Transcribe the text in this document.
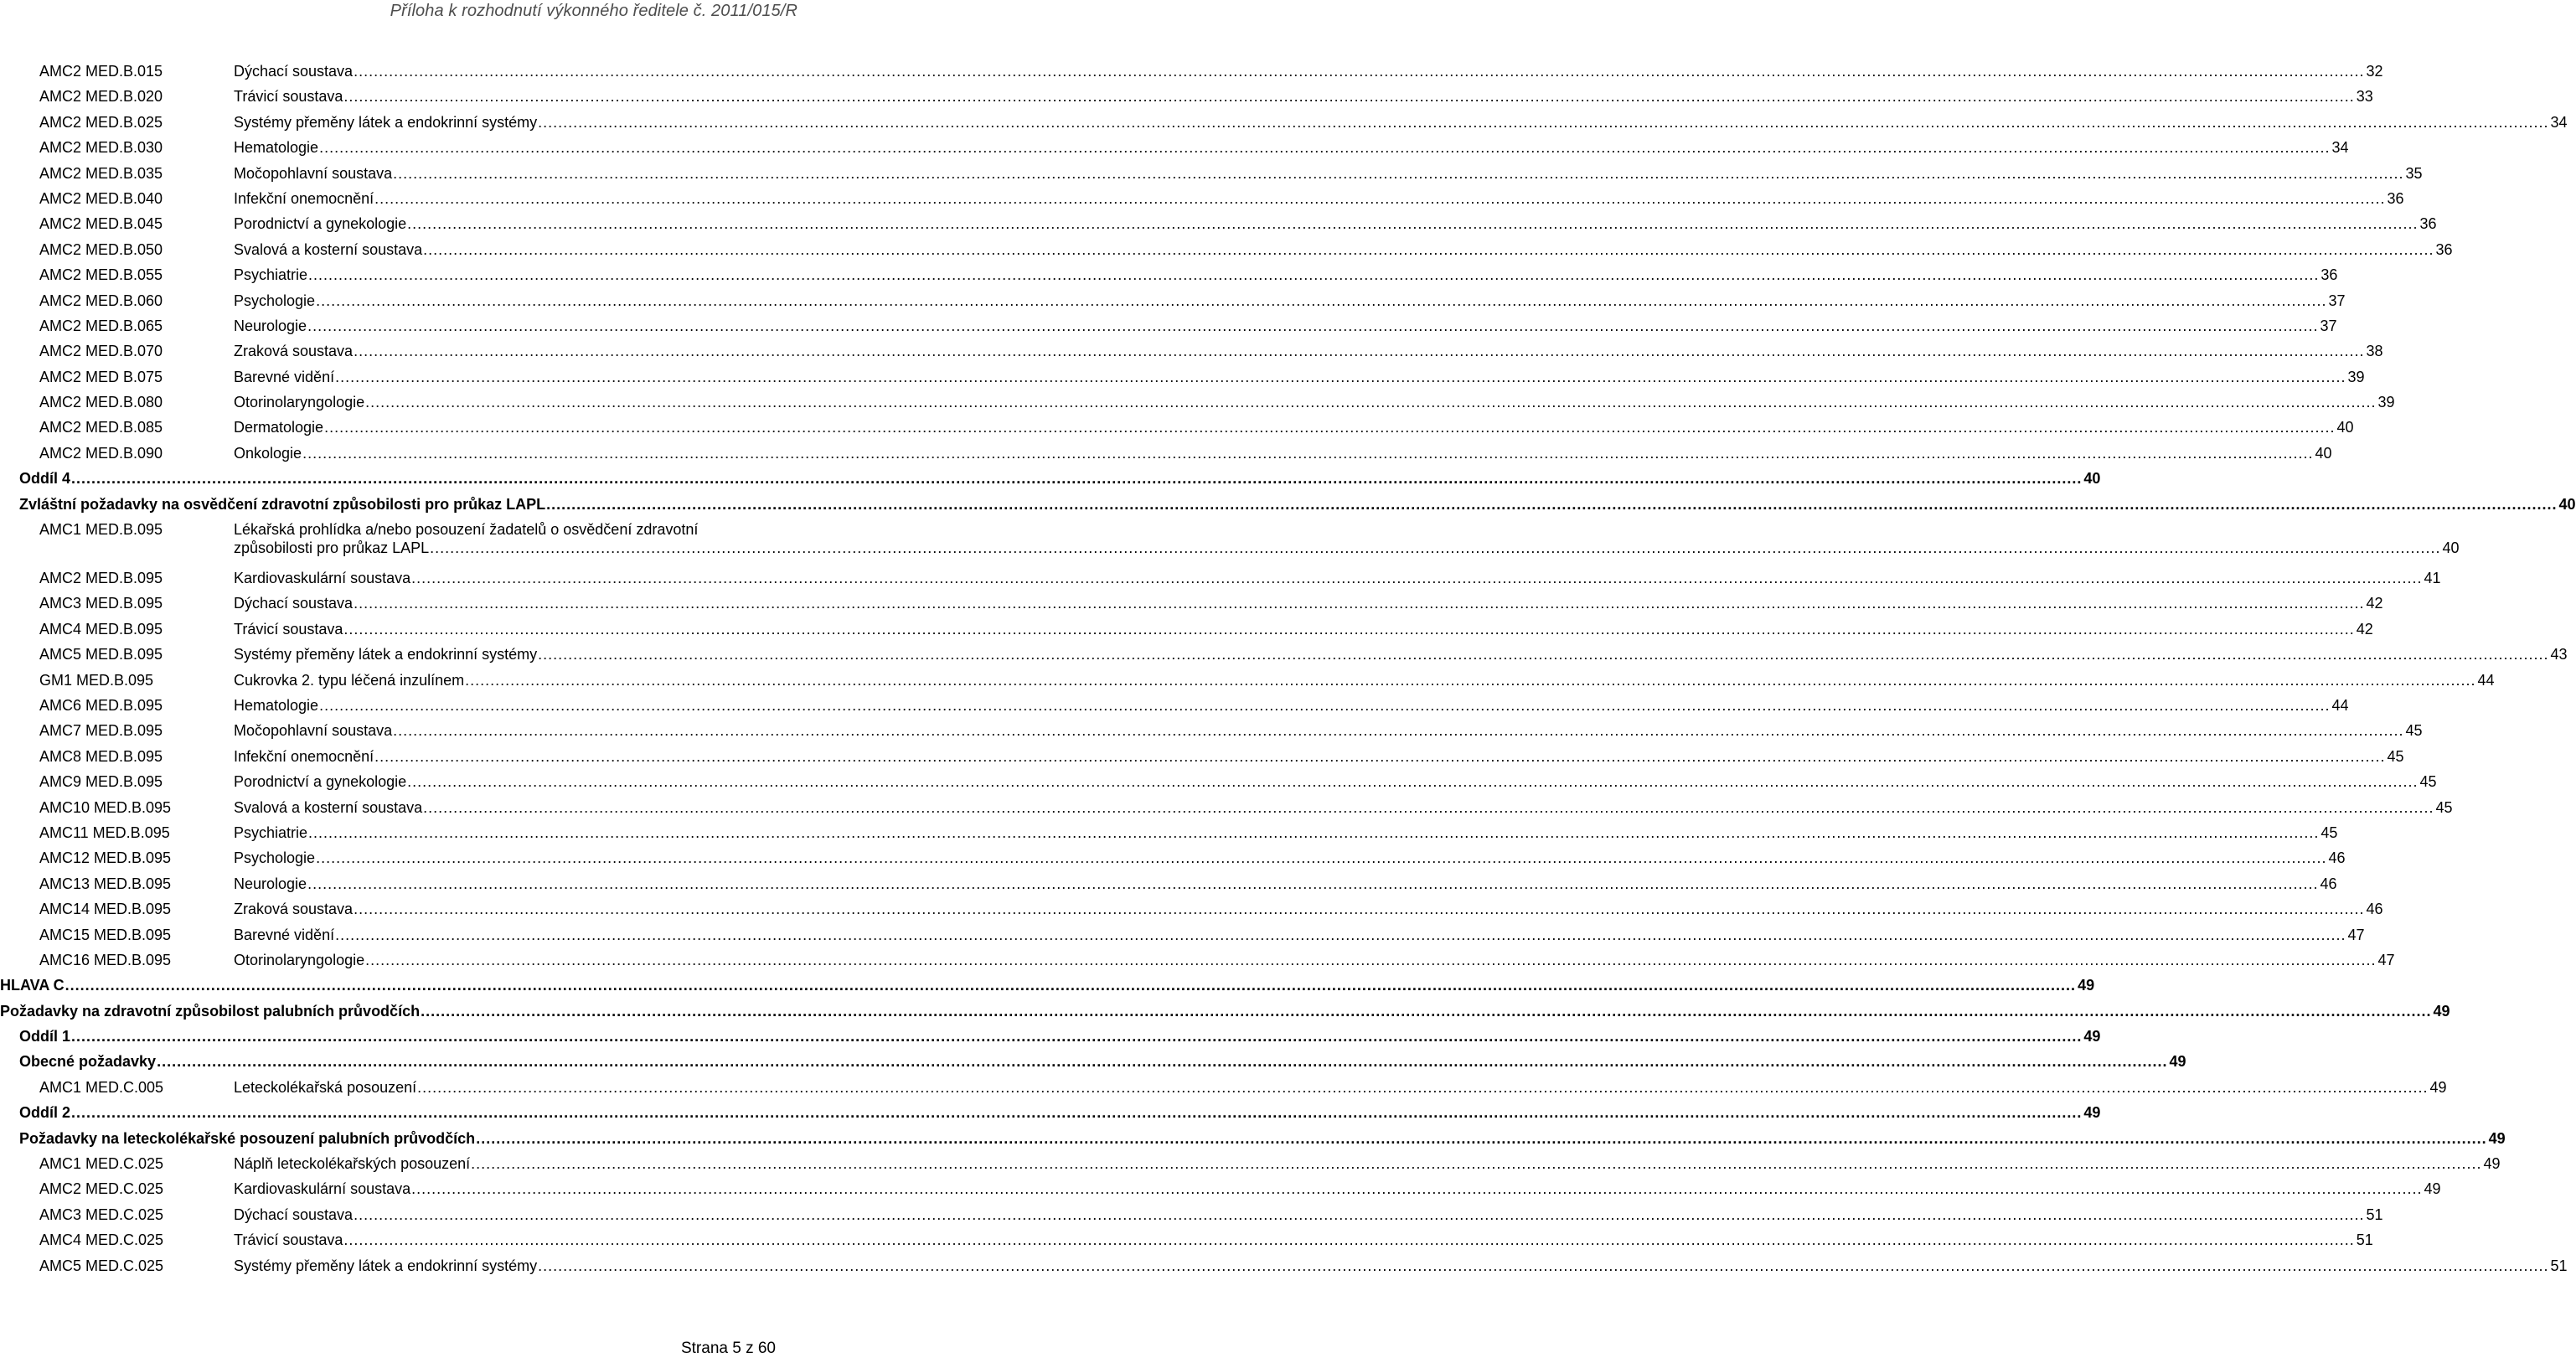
Příloha k rozhodnutí výkonného ředitele č. 2011/015/R
AMC2 MED.B.015	Dýchací soustava ................................................................................................................................................................................................................................................................................................................................................................................................................ 32
AMC2 MED.B.020	Trávicí soustava ................................................................................................................................................................................................................................................................................................................................................................................................................ 33
AMC2 MED.B.025	Systémy přeměny látek a endokrinní systémy ................................................................................................................................................................................................................................................................................................................................................................................................................ 34
AMC2 MED.B.030	Hematologie ................................................................................................................................................................................................................................................................................................................................................................................................................ 34
AMC2 MED.B.035	Močopohlavní soustava ................................................................................................................................................................................................................................................................................................................................................................................................................ 35
AMC2 MED.B.040	Infekční onemocnění ................................................................................................................................................................................................................................................................................................................................................................................................................ 36
AMC2 MED.B.045	Porodnictví a gynekologie ................................................................................................................................................................................................................................................................................................................................................................................................................ 36
AMC2 MED.B.050	Svalová a kosterní soustava ................................................................................................................................................................................................................................................................................................................................................................................................................ 36
AMC2 MED.B.055	Psychiatrie ................................................................................................................................................................................................................................................................................................................................................................................................................ 36
AMC2 MED.B.060	Psychologie ................................................................................................................................................................................................................................................................................................................................................................................................................ 37
AMC2 MED.B.065	Neurologie ................................................................................................................................................................................................................................................................................................................................................................................................................ 37
AMC2 MED.B.070	Zraková soustava ................................................................................................................................................................................................................................................................................................................................................................................................................ 38
AMC2 MED B.075	Barevné vidění ................................................................................................................................................................................................................................................................................................................................................................................................................ 39
AMC2 MED.B.080	Otorinolaryngologie ................................................................................................................................................................................................................................................................................................................................................................................................................ 39
AMC2 MED.B.085	Dermatologie ................................................................................................................................................................................................................................................................................................................................................................................................................ 40
AMC2 MED.B.090	Onkologie ................................................................................................................................................................................................................................................................................................................................................................................................................ 40
Oddíl 4 ................................................................................................................................................................................................................................................................................................................................................................................................................ 40
Zvláštní požadavky na osvědčení zdravotní způsobilosti pro průkaz LAPL ................................................................................................................................................................................................................................................................................................................................................................................................................ 40
AMC1 MED.B.095	Lékařská prohlídka a/nebo posouzení žadatelů o osvědčení zdravotní
způsobilosti pro průkaz LAPL ................................................................................................................................................................................................................................................................................................................................................................................................................ 40
AMC2 MED.B.095	Kardiovaskulární soustava ................................................................................................................................................................................................................................................................................................................................................................................................................ 41
AMC3 MED.B.095	Dýchací soustava ................................................................................................................................................................................................................................................................................................................................................................................................................ 42
AMC4 MED.B.095	Trávicí soustava ................................................................................................................................................................................................................................................................................................................................................................................................................ 42
AMC5 MED.B.095	Systémy přeměny látek a endokrinní systémy ................................................................................................................................................................................................................................................................................................................................................................................................................ 43
GM1 MED.B.095	Cukrovka 2. typu léčená inzulínem ................................................................................................................................................................................................................................................................................................................................................................................................................ 44
AMC6 MED.B.095	Hematologie ................................................................................................................................................................................................................................................................................................................................................................................................................ 44
AMC7 MED.B.095	Močopohlavní soustava ................................................................................................................................................................................................................................................................................................................................................................................................................ 45
AMC8 MED.B.095	Infekční onemocnění ................................................................................................................................................................................................................................................................................................................................................................................................................ 45
AMC9 MED.B.095	Porodnictví a gynekologie ................................................................................................................................................................................................................................................................................................................................................................................................................ 45
AMC10 MED.B.095	Svalová a kosterní soustava ................................................................................................................................................................................................................................................................................................................................................................................................................ 45
AMC11 MED.B.095	Psychiatrie ................................................................................................................................................................................................................................................................................................................................................................................................................ 45
AMC12 MED.B.095	Psychologie ................................................................................................................................................................................................................................................................................................................................................................................................................ 46
AMC13 MED.B.095	Neurologie ................................................................................................................................................................................................................................................................................................................................................................................................................ 46
AMC14 MED.B.095	Zraková soustava ................................................................................................................................................................................................................................................................................................................................................................................................................ 46
AMC15 MED.B.095	Barevné vidění ................................................................................................................................................................................................................................................................................................................................................................................................................ 47
AMC16 MED.B.095	Otorinolaryngologie ................................................................................................................................................................................................................................................................................................................................................................................................................ 47
HLAVA C ................................................................................................................................................................................................................................................................................................................................................................................................................ 49
Požadavky na zdravotní způsobilost palubních průvodčích ................................................................................................................................................................................................................................................................................................................................................................................................................ 49
Oddíl 1 ................................................................................................................................................................................................................................................................................................................................................................................................................ 49
Obecné požadavky ................................................................................................................................................................................................................................................................................................................................................................................................................ 49
AMC1 MED.C.005	Leteckolékařská posouzení ................................................................................................................................................................................................................................................................................................................................................................................................................ 49
Oddíl 2 ................................................................................................................................................................................................................................................................................................................................................................................................................ 49
Požadavky na leteckolékařské posouzení palubních průvodčích ................................................................................................................................................................................................................................................................................................................................................................................................................ 49
AMC1 MED.C.025	Náplň leteckolékařských posouzení ................................................................................................................................................................................................................................................................................................................................................................................................................ 49
AMC2 MED.C.025	Kardiovaskulární soustava ................................................................................................................................................................................................................................................................................................................................................................................................................ 49
AMC3 MED.C.025	Dýchací soustava ................................................................................................................................................................................................................................................................................................................................................................................................................ 51
AMC4 MED.C.025	Trávicí soustava ................................................................................................................................................................................................................................................................................................................................................................................................................ 51
AMC5 MED.C.025	Systémy přeměny látek a endokrinní systémy ................................................................................................................................................................................................................................................................................................................................................................................................................ 51
Strana 5 z 60
